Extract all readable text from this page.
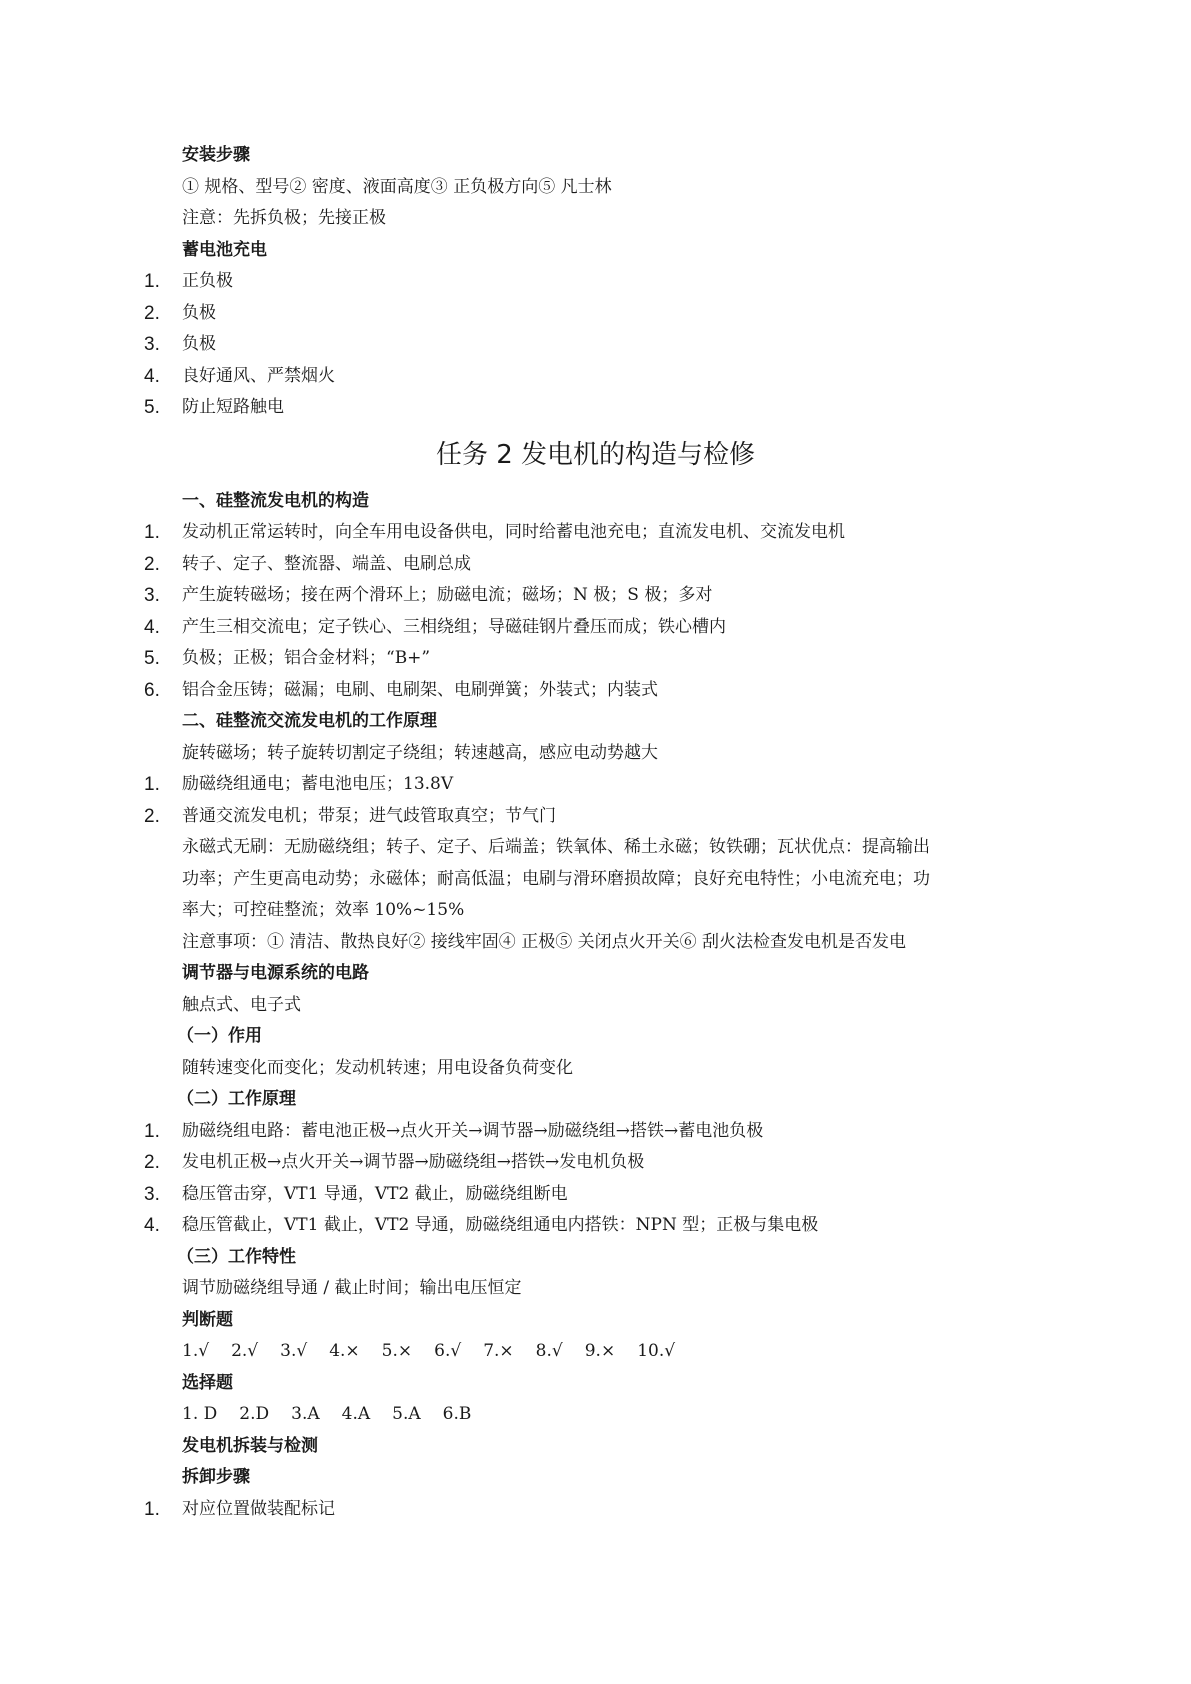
安装步骤
① 规格、型号② 密度、液面高度③ 正负极方向⑤ 凡士林
注意：先拆负极；先接正极
蓄电池充电
1. 正负极
2. 负极
3. 负极
4. 良好通风、严禁烟火
5. 防止短路触电
任务 2 发电机的构造与检修
一、硅整流发电机的构造
1. 发动机正常运转时，向全车用电设备供电，同时给蓄电池充电；直流发电机、交流发电机
2. 转子、定子、整流器、端盖、电刷总成
3. 产生旋转磁场；接在两个滑环上；励磁电流；磁场；N 极；S 极；多对
4. 产生三相交流电；定子铁心、三相绕组；导磁硅钢片叠压而成；铁心槽内
5. 负极；正极；铝合金材料；“B+”
6. 铝合金压铸；磁漏；电刷、电刷架、电刷弹簧；外装式；内装式
二、硅整流交流发电机的工作原理
旋转磁场；转子旋转切割定子绕组；转速越高，感应电动势越大
1. 励磁绕组通电；蓄电池电压；13.8V
2. 普通交流发电机；带泵；进气歧管取真空；节气门
永磁式无刷：无励磁绕组；转子、定子、后端盖；铁氧体、稀土永磁；钕铁硼；瓦状优点：提高输出
功率；产生更高电动势；永磁体；耐高低温；电刷与滑环磨损故障；良好充电特性；小电流充电；功
率大；可控硅整流；效率 10%~15%
注意事项：① 清洁、散热良好② 接线牢固④ 正极⑤ 关闭点火开关⑥ 刮火法检查发电机是否发电
调节器与电源系统的电路
触点式、电子式
（一）作用
随转速变化而变化；发动机转速；用电设备负荷变化
（二）工作原理
1. 励磁绕组电路：蓄电池正极→点火开关→调节器→励磁绕组→搭铁→蓄电池负极
2. 发电机正极→点火开关→调节器→励磁绕组→搭铁→发电机负极
3. 稳压管击穿，VT1 导通，VT2 截止，励磁绕组断电
4. 稳压管截止，VT1 截止，VT2 导通，励磁绕组通电内搭铁：NPN 型；正极与集电极
（三）工作特性
调节励磁绕组导通 / 截止时间；输出电压恒定
判断题
1.√ 2.√ 3.√ 4.× 5.× 6.√ 7.× 8.√ 9.× 10.√
选择题
1. D 2.D 3.A 4.A 5.A 6.B
发电机拆装与检测
拆卸步骤
1. 对应位置做装配标记
